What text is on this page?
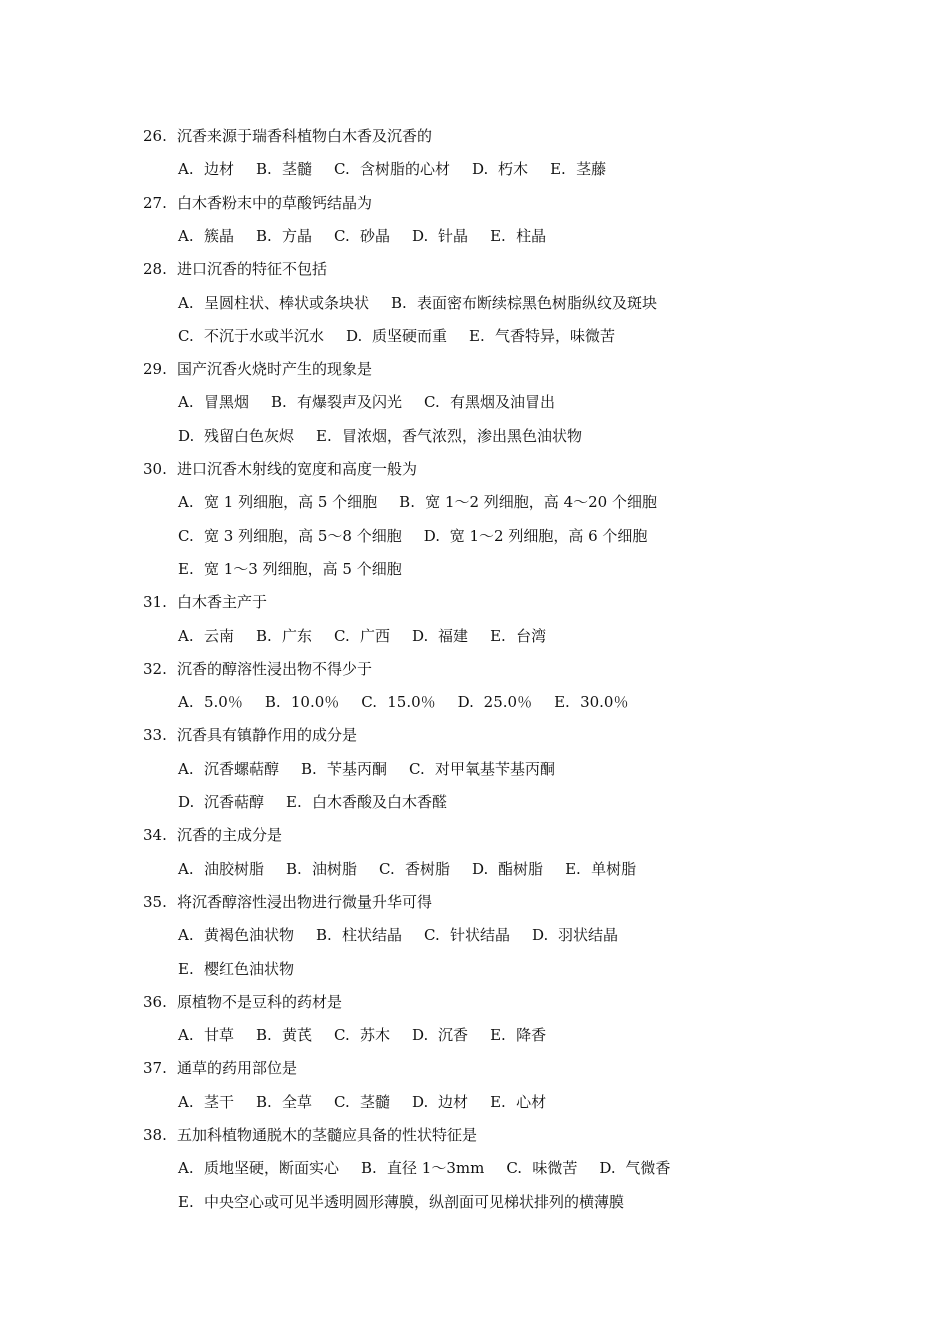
26. 沉香来源于瑞香科植物白木香及沉香的
A. 边材 B. 茎髓 C. 含树脂的心材 D. 朽木 E. 茎藤
27. 白木香粉末中的草酸钙结晶为
A. 簇晶 B. 方晶 C. 砂晶 D. 针晶 E. 柱晶
28. 进口沉香的特征不包括
A. 呈圆柱状、棒状或条块状 B. 表面密布断续棕黑色树脂纵纹及斑块
C. 不沉于水或半沉水 D. 质坚硬而重 E. 气香特异，味微苦
29. 国产沉香火烧时产生的现象是
A. 冒黑烟 B. 有爆裂声及闪光 C. 有黑烟及油冒出
D. 残留白色灰烬 E. 冒浓烟，香气浓烈，渗出黑色油状物
30. 进口沉香木射线的宽度和高度一般为
A. 宽 1 列细胞，高 5 个细胞 B. 宽 1～2 列细胞，高 4～20 个细胞
C. 宽 3 列细胞，高 5～8 个细胞 D. 宽 1～2 列细胞，高 6 个细胞
E. 宽 1～3 列细胞，高 5 个细胞
31. 白木香主产于
A. 云南 B. 广东 C. 广西 D. 福建 E. 台湾
32. 沉香的醇溶性浸出物不得少于
A. 5.0％ B. 10.0％ C. 15.0％ D. 25.0％ E. 30.0％
33. 沉香具有镇静作用的成分是
A. 沉香螺萜醇 B. 苄基丙酮 C. 对甲氧基苄基丙酮
D. 沉香萜醇 E. 白木香酸及白木香醛
34. 沉香的主成分是
A. 油胶树脂 B. 油树脂 C. 香树脂 D. 酯树脂 E. 单树脂
35. 将沉香醇溶性浸出物进行微量升华可得
A. 黄褐色油状物 B. 柱状结晶 C. 针状结晶 D. 羽状结晶
E. 樱红色油状物
36. 原植物不是豆科的药材是
A. 甘草 B. 黄芪 C. 苏木 D. 沉香 E. 降香
37. 通草的药用部位是
A. 茎干 B. 全草 C. 茎髓 D. 边材 E. 心材
38. 五加科植物通脱木的茎髓应具备的性状特征是
A. 质地坚硬，断面实心 B. 直径 1～3mm C. 味微苦 D. 气微香
E. 中央空心或可见半透明圆形薄膜，纵剖面可见梯状排列的横薄膜
